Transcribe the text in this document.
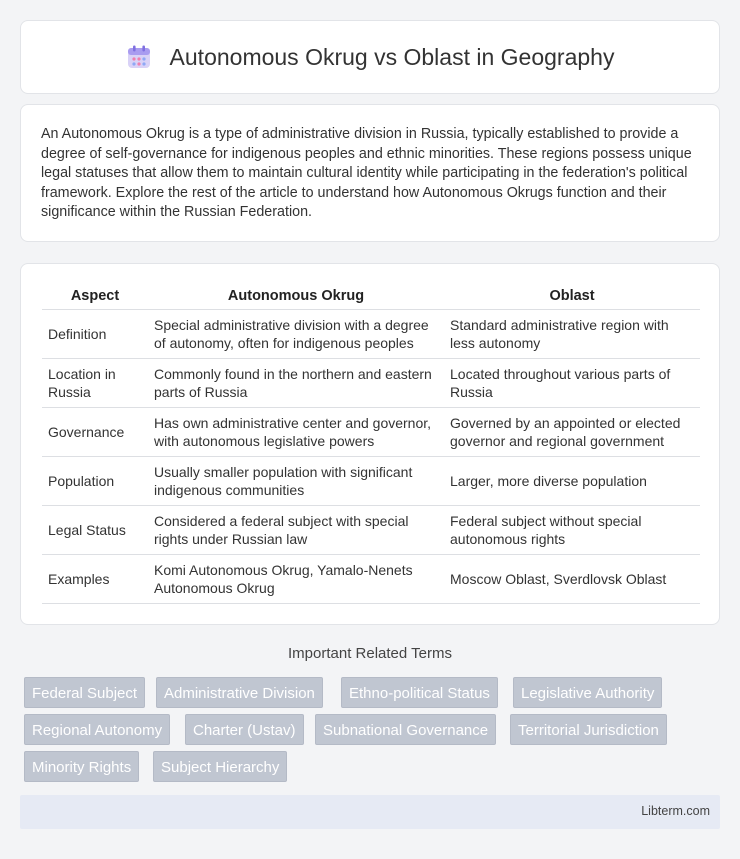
Autonomous Okrug vs Oblast in Geography

An Autonomous Okrug is a type of administrative division in Russia, typically established to provide a degree of self-governance for indigenous peoples and ethnic minorities. These regions possess unique legal statuses that allow them to maintain cultural identity while participating in the federation's political framework. Explore the rest of the article to understand how Autonomous Okrugs function and their significance within the Russian Federation.

Aspect	Autonomous Okrug	Oblast
Definition	Special administrative division with a degree of autonomy, often for indigenous peoples	Standard administrative region with less autonomy
Location in Russia	Commonly found in the northern and eastern parts of Russia	Located throughout various parts of Russia
Governance	Has own administrative center and governor, with autonomous legislative powers	Governed by an appointed or elected governor and regional government
Population	Usually smaller population with significant indigenous communities	Larger, more diverse population
Legal Status	Considered a federal subject with special rights under Russian law	Federal subject without special autonomous rights
Examples	Komi Autonomous Okrug, Yamalo-Nenets Autonomous Okrug	Moscow Oblast, Sverdlovsk Oblast
Important Related Terms
Federal Subject	Administrative Division	Ethno-political Status	Legislative Authority
Regional Autonomy	Charter (Ustav)	Subnational Governance	Territorial Jurisdiction
Minority Rights	Subject Hierarchy
Libterm.com
